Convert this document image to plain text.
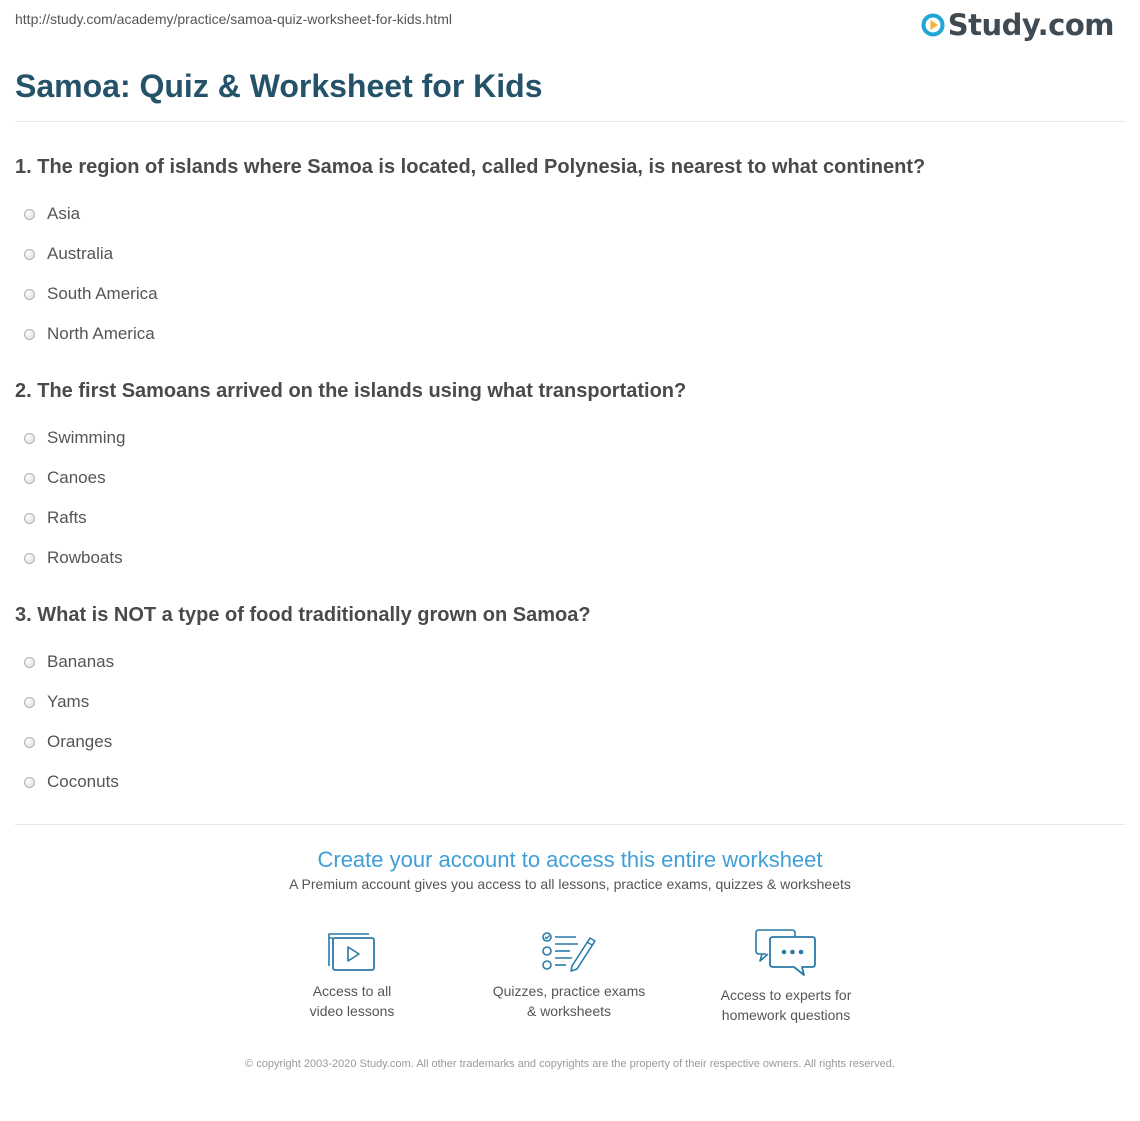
http://study.com/academy/practice/samoa-quiz-worksheet-for-kids.html	Study.com
Samoa: Quiz & Worksheet for Kids

1. The region of islands where Samoa is located, called Polynesia, is nearest to what continent?

Asia
Australia
South America
North America

2. The first Samoans arrived on the islands using what transportation?

Swimming
Canoes
Rafts
Rowboats

3. What is NOT a type of food traditionally grown on Samoa?

Bananas
Yams
Oranges
Coconuts
Create your account to access this entire worksheet
A Premium account gives you access to all lessons, practice exams, quizzes & worksheets
Access to all
video lessons
Quizzes, practice exams
& worksheets
Access to experts for
homework questions
© copyright 2003-2020 Study.com. All other trademarks and copyrights are the property of their respective owners. All rights reserved.
